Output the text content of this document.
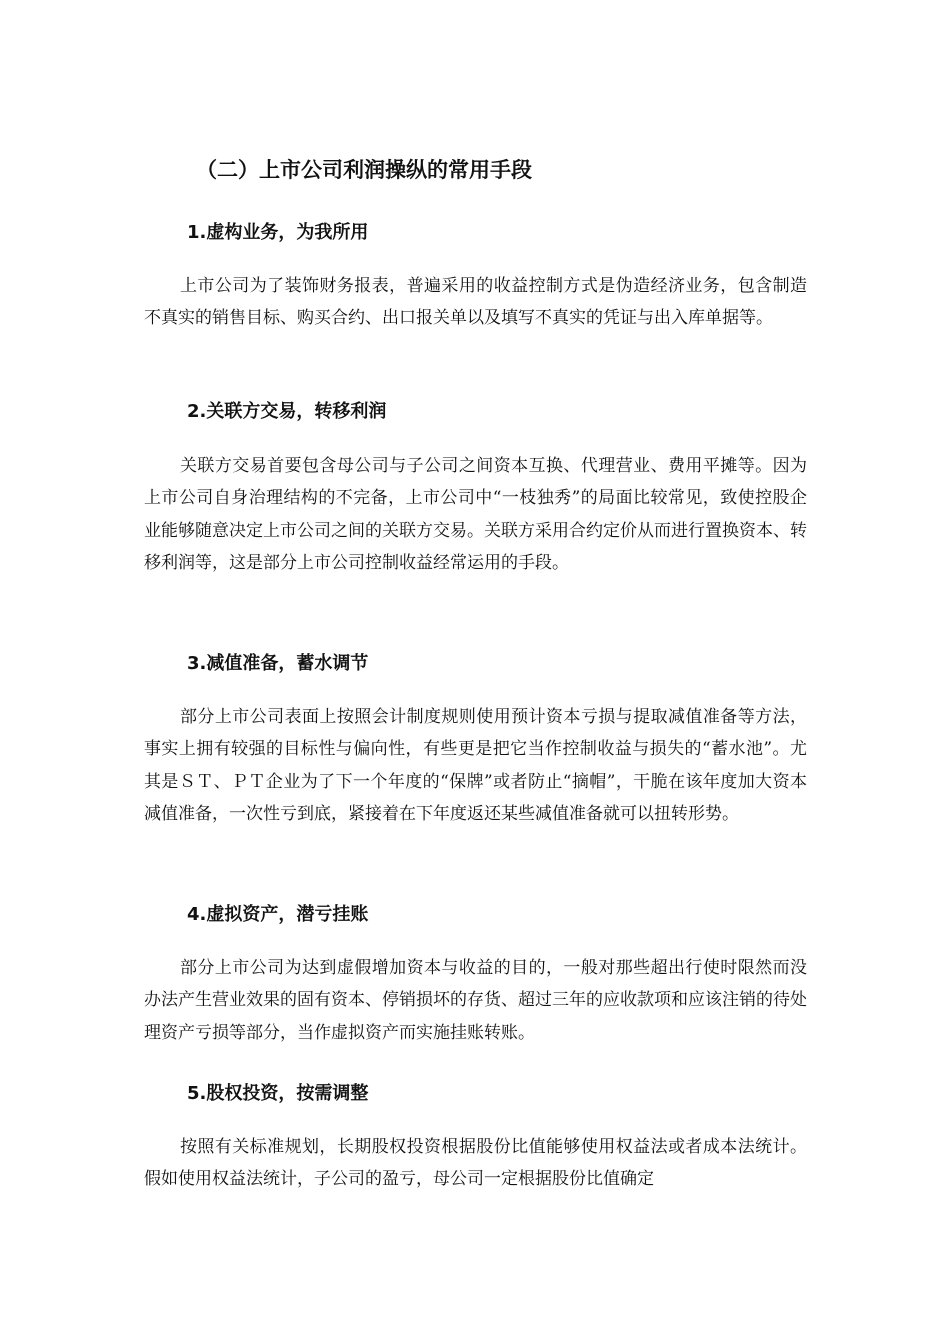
（二）上市公司利润操纵的常用手段
1.虚构业务，为我所用

上市公司为了装饰财务报表，普遍采用的收益控制方式是伪造经济业务，包含制造不真实的销售目标、购买合约、出口报关单以及填写不真实的凭证与出入库单据等。

2.关联方交易，转移利润

关联方交易首要包含母公司与子公司之间资本互换、代理营业、费用平摊等。因为上市公司自身治理结构的不完备，上市公司中“一枝独秀”的局面比较常见，致使控股企业能够随意决定上市公司之间的关联方交易。关联方采用合约定价从而进行置换资本、转移利润等，这是部分上市公司控制收益经常运用的手段。

3.减值准备，蓄水调节

部分上市公司表面上按照会计制度规则使用预计资本亏损与提取减值准备等方法，事实上拥有较强的目标性与偏向性，有些更是把它当作控制收益与损失的“蓄水池”。尤其是ＳＴ、ＰＴ企业为了下一个年度的“保牌”或者防止“摘帽”，干脆在该年度加大资本减值准备，一次性亏到底，紧接着在下年度返还某些减值准备就可以扭转形势。

4.虚拟资产，潜亏挂账

部分上市公司为达到虚假增加资本与收益的目的，一般对那些超出行使时限然而没办法产生营业效果的固有资本、停销损坏的存货、超过三年的应收款项和应该注销的待处理资产亏损等部分，当作虚拟资产而实施挂账转账。

5.股权投资，按需调整

按照有关标准规划，长期股权投资根据股份比值能够使用权益法或者成本法统计。假如使用权益法统计，子公司的盈亏，母公司一定根据股份比值确定
